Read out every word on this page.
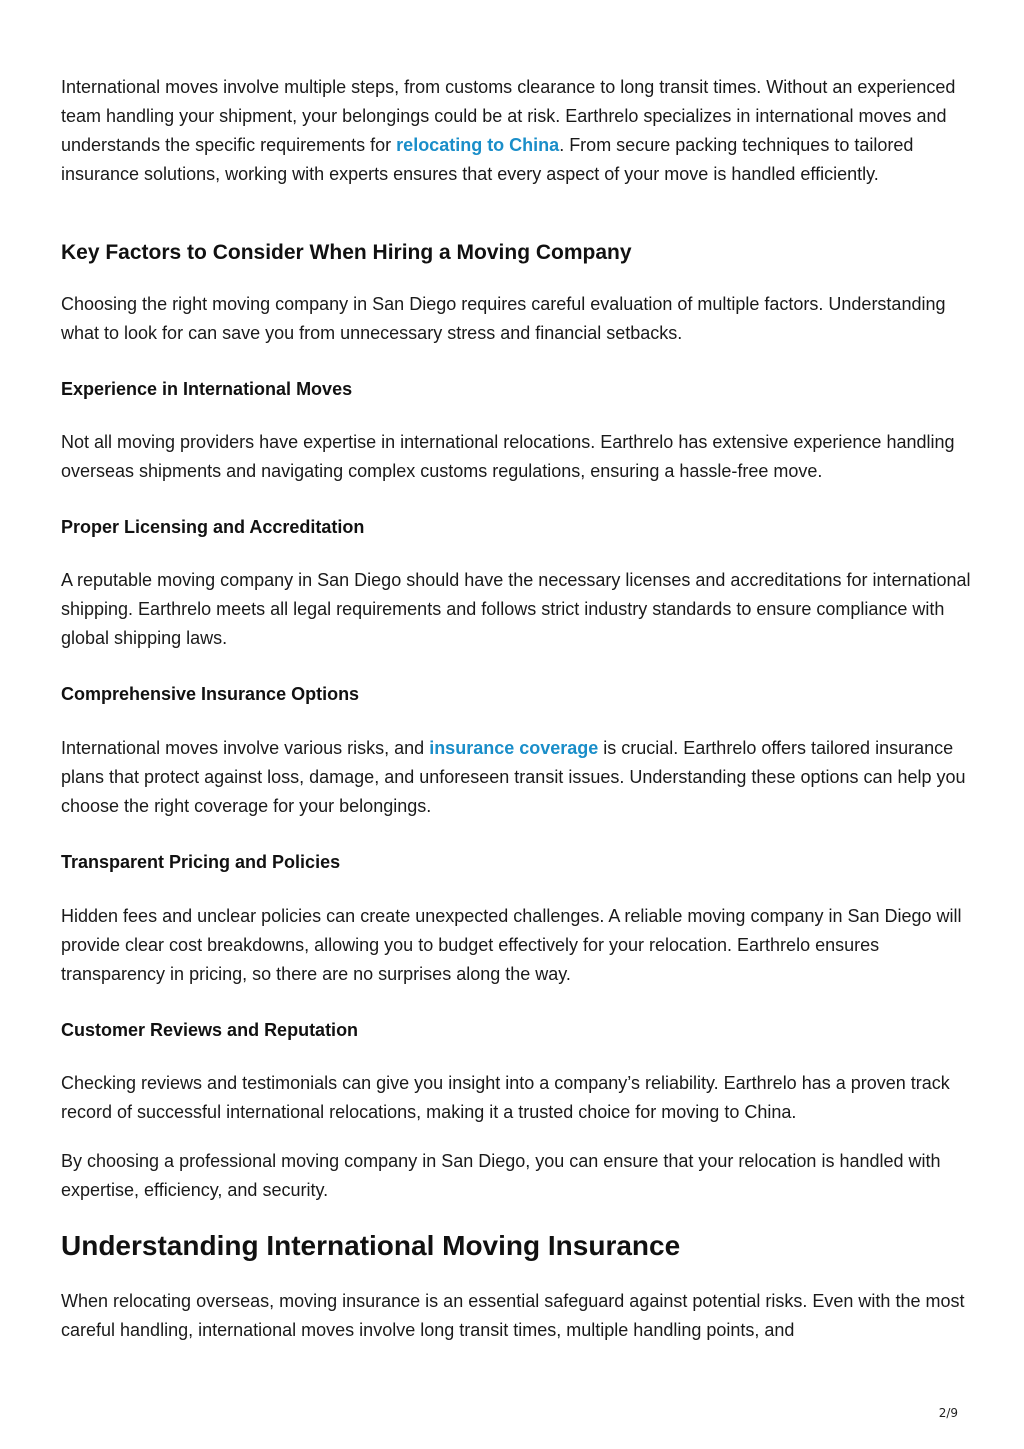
International moves involve multiple steps, from customs clearance to long transit times. Without an experienced team handling your shipment, your belongings could be at risk. Earthrelo specializes in international moves and understands the specific requirements for relocating to China. From secure packing techniques to tailored insurance solutions, working with experts ensures that every aspect of your move is handled efficiently.

Key Factors to Consider When Hiring a Moving Company

Choosing the right moving company in San Diego requires careful evaluation of multiple factors. Understanding what to look for can save you from unnecessary stress and financial setbacks.

Experience in International Moves

Not all moving providers have expertise in international relocations. Earthrelo has extensive experience handling overseas shipments and navigating complex customs regulations, ensuring a hassle-free move.

Proper Licensing and Accreditation

A reputable moving company in San Diego should have the necessary licenses and accreditations for international shipping. Earthrelo meets all legal requirements and follows strict industry standards to ensure compliance with global shipping laws.

Comprehensive Insurance Options

International moves involve various risks, and insurance coverage is crucial. Earthrelo offers tailored insurance plans that protect against loss, damage, and unforeseen transit issues. Understanding these options can help you choose the right coverage for your belongings.

Transparent Pricing and Policies

Hidden fees and unclear policies can create unexpected challenges. A reliable moving company in San Diego will provide clear cost breakdowns, allowing you to budget effectively for your relocation. Earthrelo ensures transparency in pricing, so there are no surprises along the way.

Customer Reviews and Reputation

Checking reviews and testimonials can give you insight into a company’s reliability. Earthrelo has a proven track record of successful international relocations, making it a trusted choice for moving to China.

By choosing a professional moving company in San Diego, you can ensure that your relocation is handled with expertise, efficiency, and security.

Understanding International Moving Insurance

When relocating overseas, moving insurance is an essential safeguard against potential risks. Even with the most careful handling, international moves involve long transit times, multiple handling points, and

2/9
